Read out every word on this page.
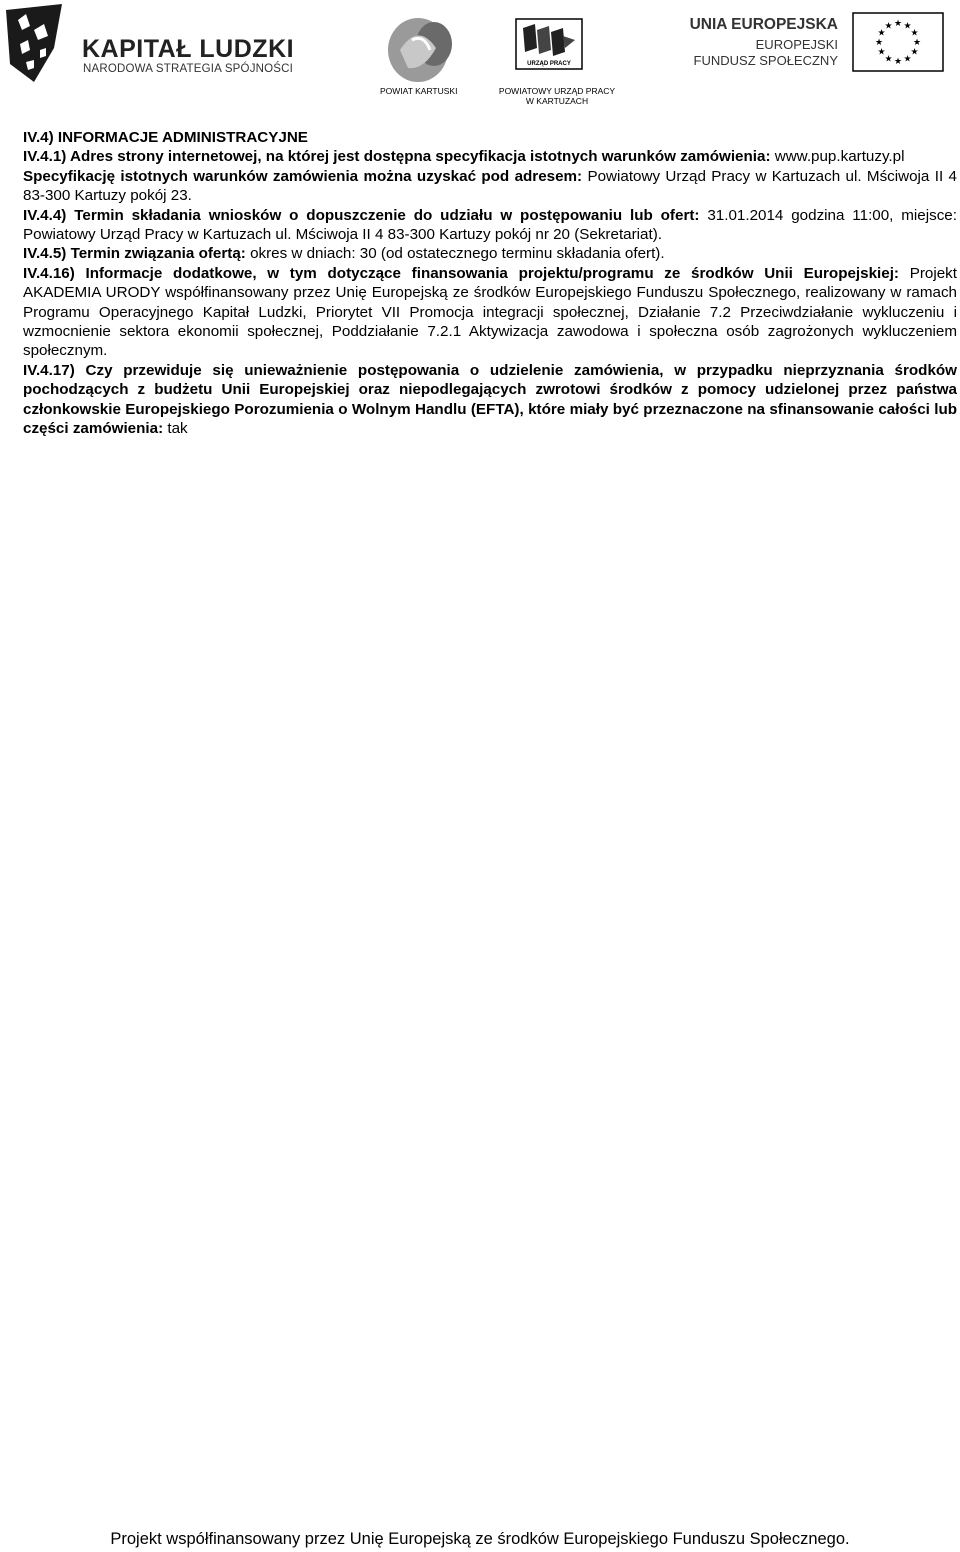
KAPITAŁ LUDZKI
NARODOWA STRATEGIA SPÓJNOŚCI
POWIAT KARTUSKI
URZĄD PRACY
POWIATOWY URZĄD PRACY W KARTUZACH
UNIA EUROPEJSKA
EUROPEJSKI
FUNDUSZ SPOŁECZNY
★
★
★
★
★
★
★
★
★ ★ ★
★

IV.4) INFORMACJE ADMINISTRACYJNE

IV.4.1) Adres strony internetowej, na której jest dostępna specyfikacja istotnych warunków zamówienia: www.pup.kartuzy.pl

Specyfikację istotnych warunków zamówienia można uzyskać pod adresem: Powiatowy Urząd Pracy w Kartuzach ul. Mściwoja II 4 83-300 Kartuzy pokój 23.

IV.4.4) Termin składania wniosków o dopuszczenie do udziału w postępowaniu lub ofert: 31.01.2014 godzina 11:00, miejsce: Powiatowy Urząd Pracy w Kartuzach ul. Mściwoja II 4 83-300 Kartuzy pokój nr 20 (Sekretariat).

IV.4.5) Termin związania ofertą: okres w dniach: 30 (od ostatecznego terminu składania ofert).

IV.4.16) Informacje dodatkowe, w tym dotyczące finansowania projektu/programu ze środków Unii Europejskiej: Projekt AKADEMIA URODY współfinansowany przez Unię Europejską ze środków Europejskiego Funduszu Społecznego, realizowany w ramach Programu Operacyjnego Kapitał Ludzki, Priorytet VII Promocja integracji społecznej, Działanie 7.2 Przeciwdziałanie wykluczeniu i wzmocnienie sektora ekonomii społecznej, Poddziałanie 7.2.1 Aktywizacja zawodowa i społeczna osób zagrożonych wykluczeniem społecznym.

IV.4.17) Czy przewiduje się unieważnienie postępowania o udzielenie zamówienia, w przypadku nieprzyznania środków pochodzących z budżetu Unii Europejskiej oraz niepodlegających zwrotowi środków z pomocy udzielonej przez państwa członkowskie Europejskiego Porozumienia o Wolnym Handlu (EFTA), które miały być przeznaczone na sfinansowanie całości lub części zamówienia: tak

Projekt współfinansowany przez Unię Europejską ze środków Europejskiego Funduszu Społecznego.
